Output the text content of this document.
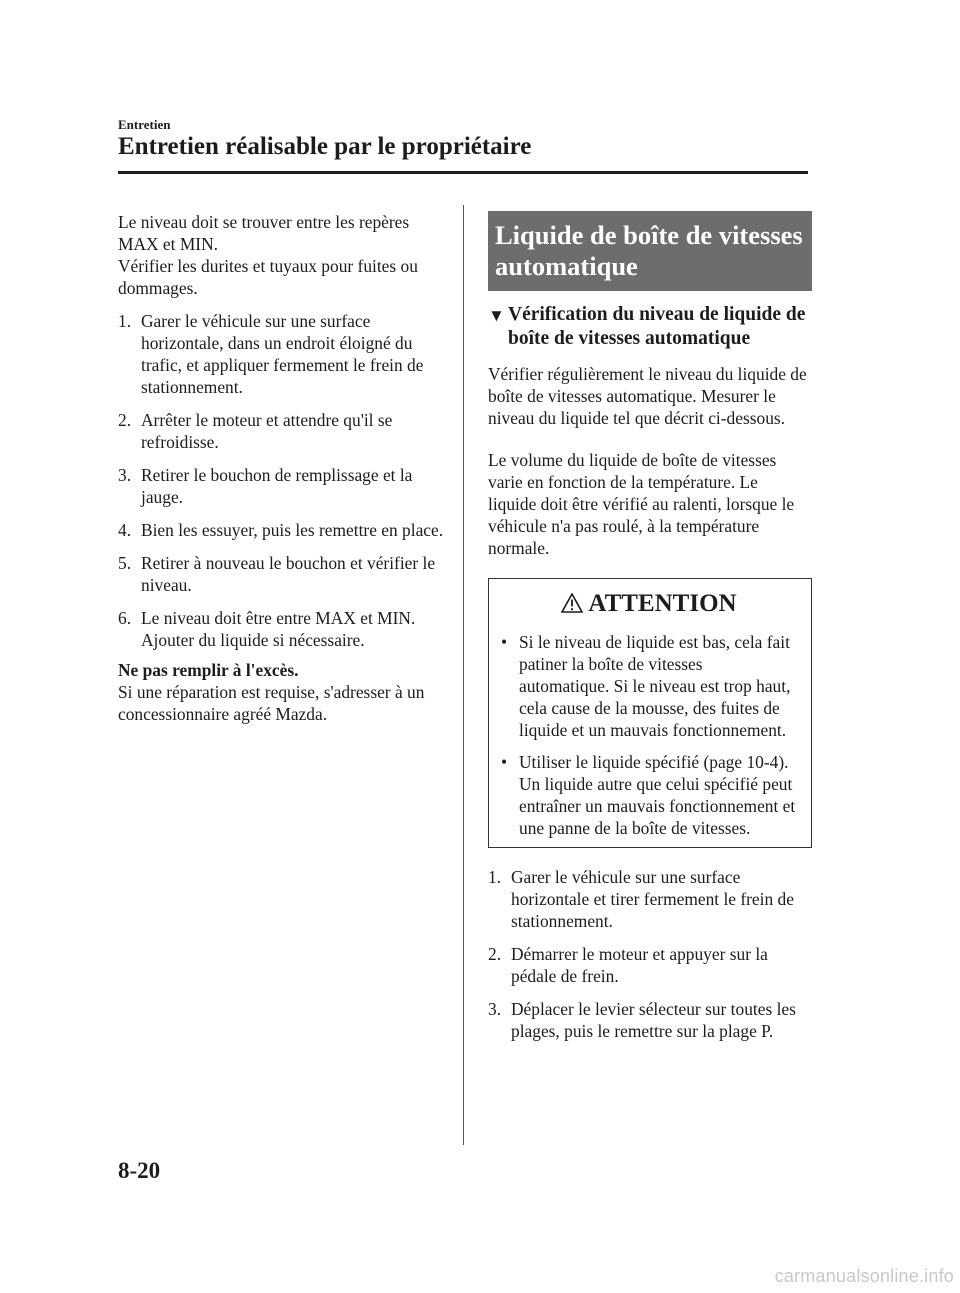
Entretien
Entretien réalisable par le propriétaire

Le niveau doit se trouver entre les repères MAX et MIN.

Vérifier les durites et tuyaux pour fuites ou dommages.

1. Garer le véhicule sur une surface horizontale, dans un endroit éloigné du trafic, et appliquer fermement le frein de stationnement.
2. Arrêter le moteur et attendre qu'il se refroidisse.
3. Retirer le bouchon de remplissage et la jauge.
4. Bien les essuyer, puis les remettre en place.
5. Retirer à nouveau le bouchon et vérifier le niveau.
6. Le niveau doit être entre MAX et MIN. Ajouter du liquide si nécessaire.

Ne pas remplir à l'excès.

Si une réparation est requise, s'adresser à un concessionnaire agréé Mazda.

Liquide de boîte de vitesses automatique
▼ Vérification du niveau de liquide de boîte de vitesses automatique

Vérifier régulièrement le niveau du liquide de boîte de vitesses automatique. Mesurer le niveau du liquide tel que décrit ci-dessous.

Le volume du liquide de boîte de vitesses varie en fonction de la température. Le liquide doit être vérifié au ralenti, lorsque le véhicule n'a pas roulé, à la température normale.

ATTENTION
• Si le niveau de liquide est bas, cela fait patiner la boîte de vitesses automatique. Si le niveau est trop haut, cela cause de la mousse, des fuites de liquide et un mauvais fonctionnement.
• Utiliser le liquide spécifié (page 10-4). Un liquide autre que celui spécifié peut entraîner un mauvais fonctionnement et une panne de la boîte de vitesses.
1. Garer le véhicule sur une surface horizontale et tirer fermement le frein de stationnement.
2. Démarrer le moteur et appuyer sur la pédale de frein.
3. Déplacer le levier sélecteur sur toutes les plages, puis le remettre sur la plage P.
8-20
carmanualsonline.info
